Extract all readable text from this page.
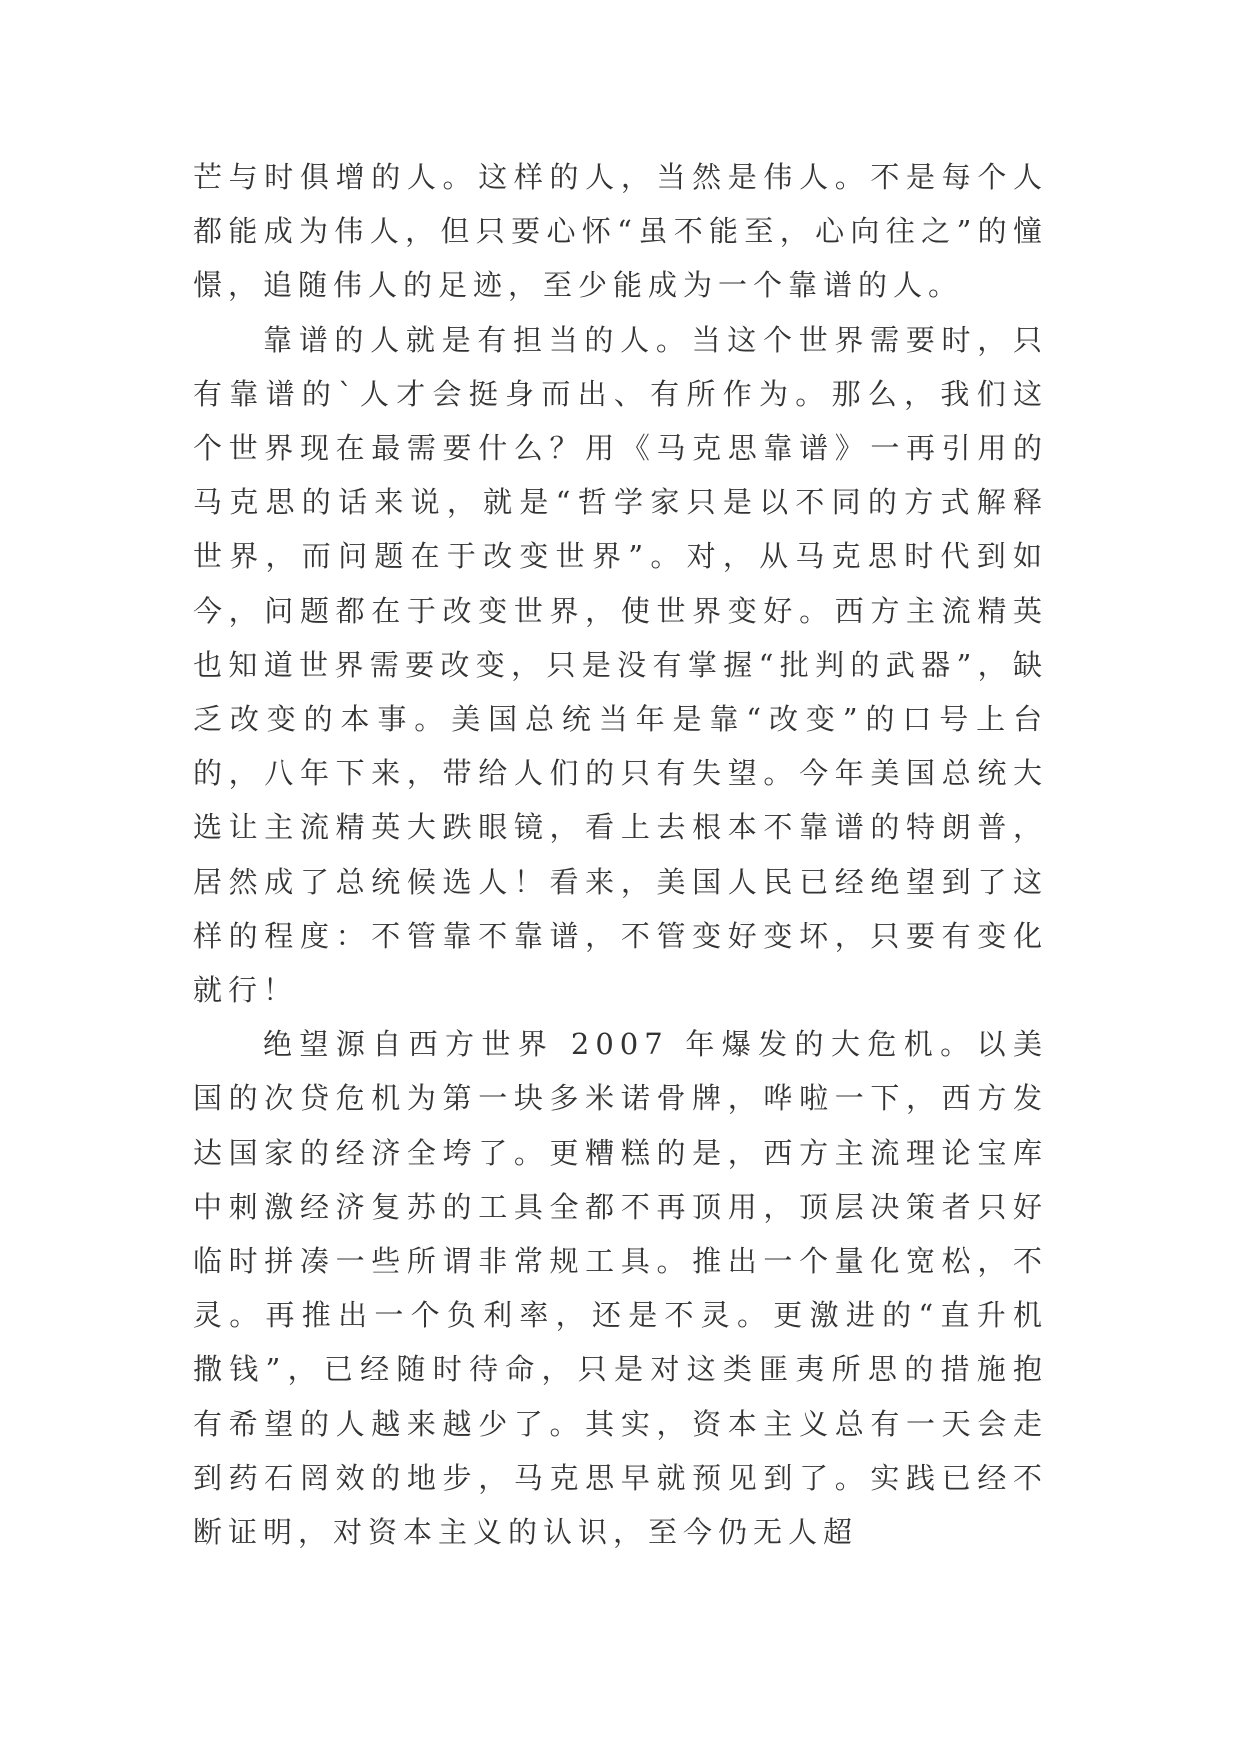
芒与时俱增的人。这样的人，当然是伟人。不是每个人都能成为伟人，但只要心怀“虽不能至，心向往之”的憧憬，追随伟人的足迹，至少能成为一个靠谱的人。

靠谱的人就是有担当的人。当这个世界需要时，只有靠谱的`人才会挺身而出、有所作为。那么，我们这个世界现在最需要什么？用《马克思靠谱》一再引用的马克思的话来说，就是“哲学家只是以不同的方式解释世界，而问题在于改变世界”。对，从马克思时代到如今，问题都在于改变世界，使世界变好。西方主流精英也知道世界需要改变，只是没有掌握“批判的武器”，缺乏改变的本事。美国总统当年是靠“改变”的口号上台的，八年下来，带给人们的只有失望。今年美国总统大选让主流精英大跌眼镜，看上去根本不靠谱的特朗普，居然成了总统候选人！看来，美国人民已经绝望到了这样的程度：不管靠不靠谱，不管变好变坏，只要有变化就行！

绝望源自西方世界 2007 年爆发的大危机。以美国的次贷危机为第一块多米诺骨牌，哗啦一下，西方发达国家的经济全垮了。更糟糕的是，西方主流理论宝库中刺激经济复苏的工具全都不再顶用，顶层决策者只好临时拼凑一些所谓非常规工具。推出一个量化宽松，不灵。再推出一个负利率，还是不灵。更激进的“直升机撒钱”，已经随时待命，只是对这类匪夷所思的措施抱有希望的人越来越少了。其实，资本主义总有一天会走到药石罔效的地步，马克思早就预见到了。实践已经不断证明，对资本主义的认识，至今仍无人超
